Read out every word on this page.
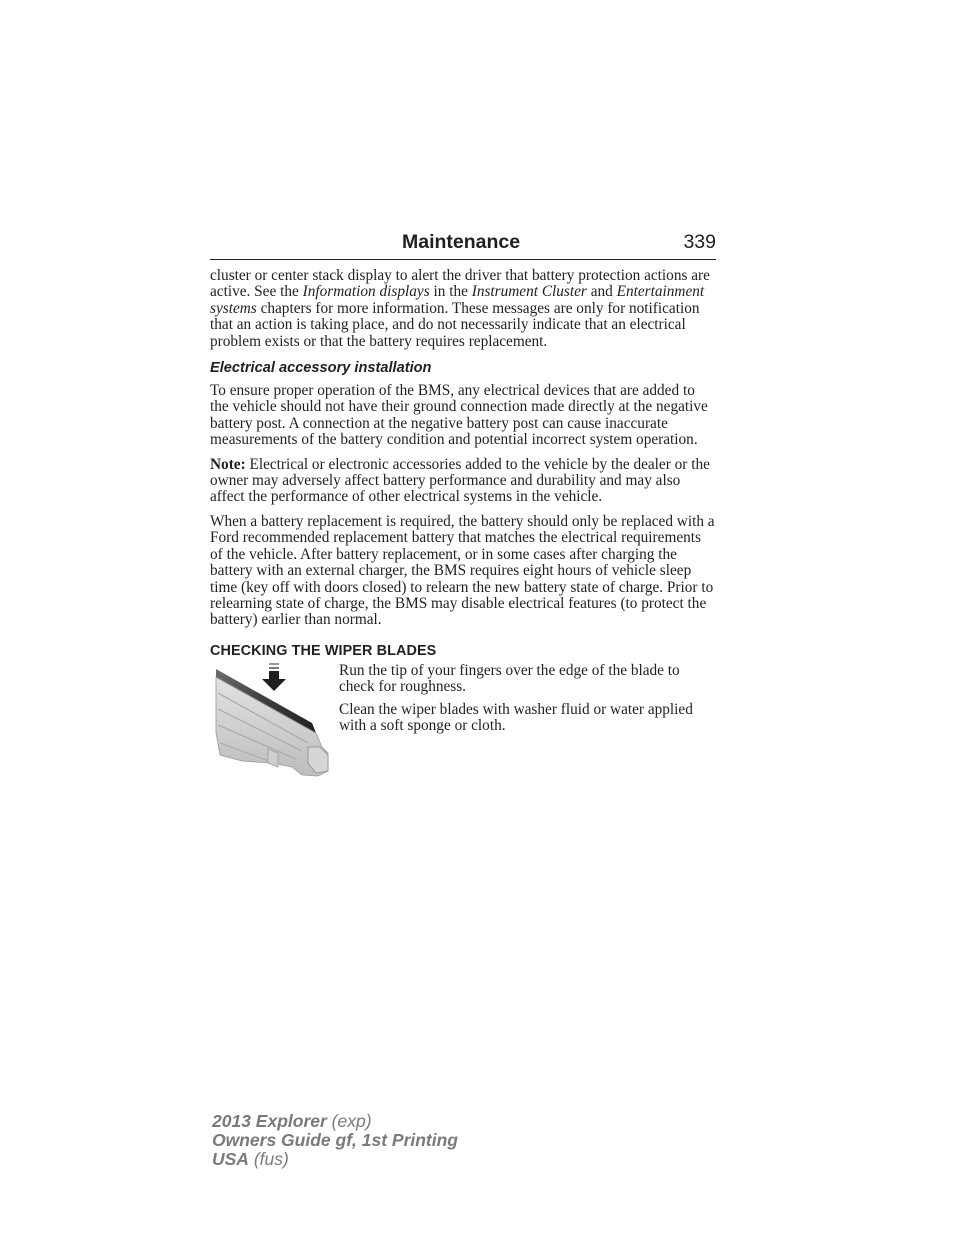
Maintenance	339

cluster or center stack display to alert the driver that battery protection actions are active. See the Information displays in the Instrument Cluster and Entertainment systems chapters for more information. These messages are only for notification that an action is taking place, and do not necessarily indicate that an electrical problem exists or that the battery requires replacement.

Electrical accessory installation

To ensure proper operation of the BMS, any electrical devices that are added to the vehicle should not have their ground connection made directly at the negative battery post. A connection at the negative battery post can cause inaccurate measurements of the battery condition and potential incorrect system operation.

Note: Electrical or electronic accessories added to the vehicle by the dealer or the owner may adversely affect battery performance and durability and may also affect the performance of other electrical systems in the vehicle.

When a battery replacement is required, the battery should only be replaced with a Ford recommended replacement battery that matches the electrical requirements of the vehicle. After battery replacement, or in some cases after charging the battery with an external charger, the BMS requires eight hours of vehicle sleep time (key off with doors closed) to relearn the new battery state of charge. Prior to relearning state of charge, the BMS may disable electrical features (to protect the battery) earlier than normal.

CHECKING THE WIPER BLADES

Run the tip of your fingers over the edge of the blade to check for roughness.

Clean the wiper blades with washer fluid or water applied with a soft sponge or cloth.

2013 Explorer (exp)
Owners Guide gf, 1st Printing
USA (fus)
